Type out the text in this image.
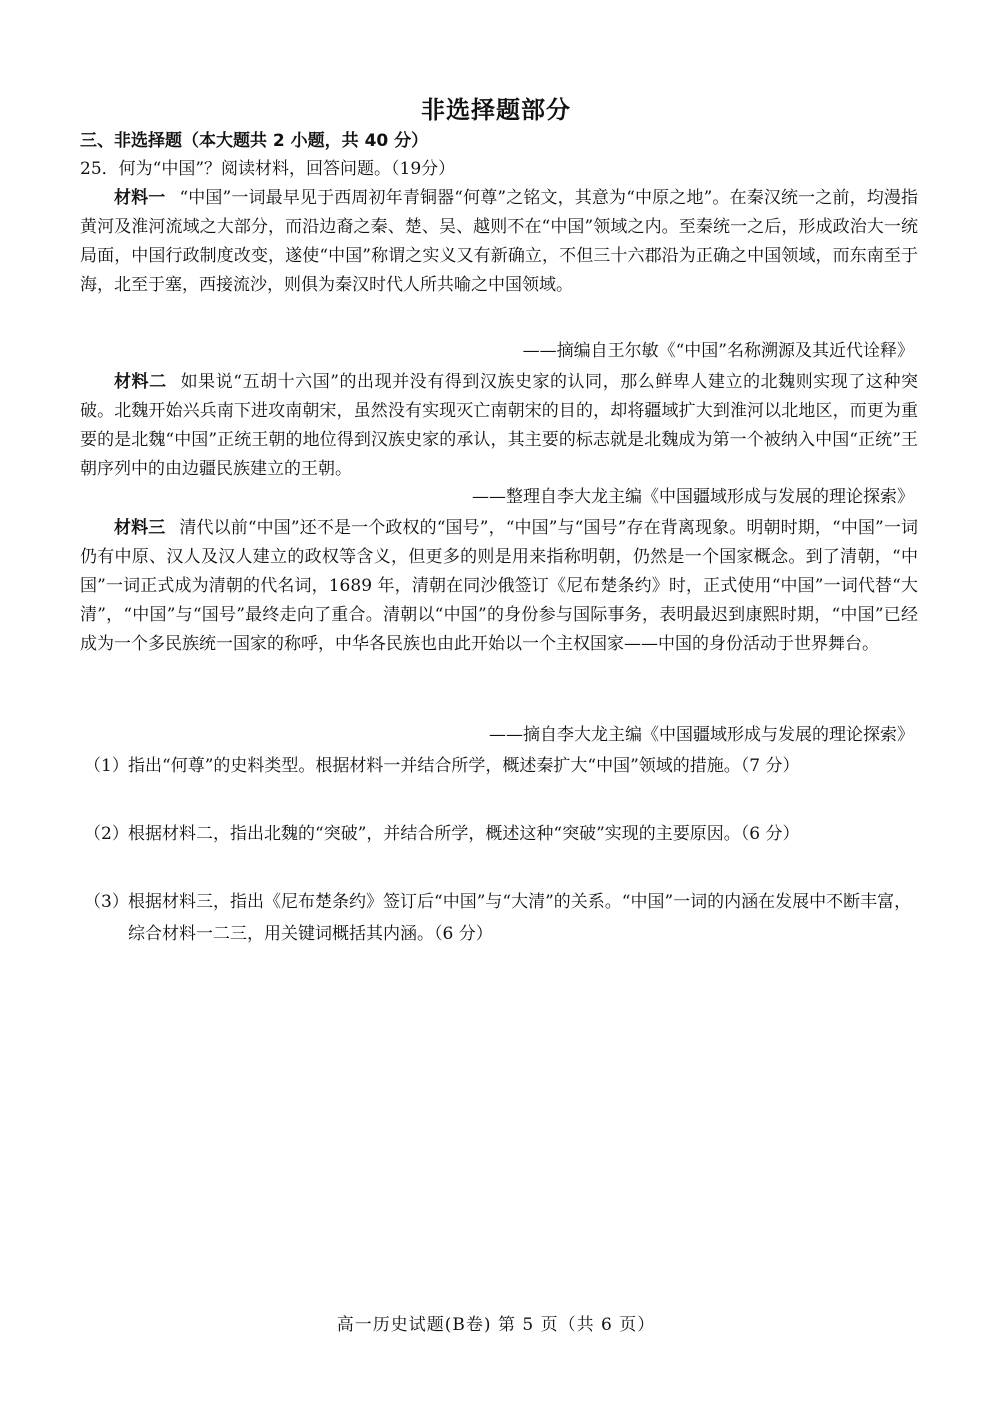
非选择题部分
三、非选择题（本大题共 2 小题，共 40 分）
25．何为“中国”？阅读材料，回答问题。（19分）
材料一 “中国”一词最早见于西周初年青铜器“何尊”之铭文，其意为“中原之地”。在秦汉统一之前，均漫指黄河及淮河流域之大部分，而沿边裔之秦、楚、吴、越则不在“中国”领域之内。至秦统一之后，形成政治大一统局面，中国行政制度改变，遂使“中国”称谓之实义又有新确立，不但三十六郡沿为正确之中国领域，而东南至于海，北至于塞，西接流沙，则俱为秦汉时代人所共喻之中国领域。
——摘编自王尔敏《“中国”名称溯源及其近代诠释》
材料二 如果说“五胡十六国”的出现并没有得到汉族史家的认同，那么鲜卑人建立的北魏则实现了这种突破。北魏开始兴兵南下进攻南朝宋，虽然没有实现灭亡南朝宋的目的，却将疆域扩大到淮河以北地区，而更为重要的是北魏“中国”正统王朝的地位得到汉族史家的承认，其主要的标志就是北魏成为第一个被纳入中国“正统”王朝序列中的由边疆民族建立的王朝。
——整理自李大龙主编《中国疆域形成与发展的理论探索》
材料三 清代以前“中国”还不是一个政权的“国号”，“中国”与“国号”存在背离现象。明朝时期，“中国”一词仍有中原、汉人及汉人建立的政权等含义，但更多的则是用来指称明朝，仍然是一个国家概念。到了清朝，“中国”一词正式成为清朝的代名词，1689 年，清朝在同沙俄签订《尼布楚条约》时，正式使用“中国”一词代替“大清”，“中国”与“国号”最终走向了重合。清朝以“中国”的身份参与国际事务，表明最迟到康熙时期，“中国”已经成为一个多民族统一国家的称呼，中华各民族也由此开始以一个主权国家——中国的身份活动于世界舞台。
——摘自李大龙主编《中国疆域形成与发展的理论探索》
（1） 指出“何尊”的史料类型。根据材料一并结合所学，概述秦扩大“中国”领域的措施。（7 分）
（2） 根据材料二，指出北魏的“突破”，并结合所学，概述这种“突破”实现的主要原因。（6 分）
（3） 根据材料三，指出《尼布楚条约》签订后“中国”与“大清”的关系。“中国”一词的内涵在发展中不断丰富，综合材料一二三，用关键词概括其内涵。（6 分）
高一历史试题(B卷) 第 5 页（共 6 页）
